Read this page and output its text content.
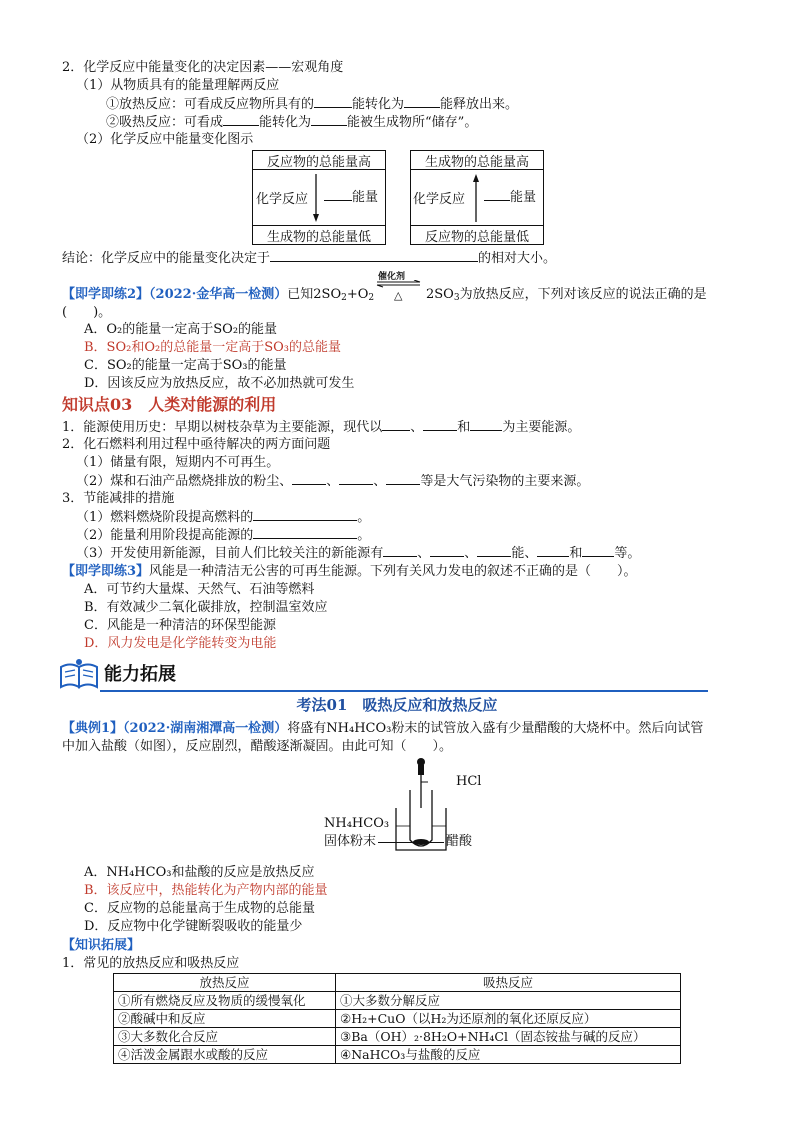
2．化学反应中能量变化的决定因素——宏观角度
（1）从物质具有的能量理解两反应
①放热反应：可看成反应物所具有的	能转化为	能释放出来。
②吸热反应：可看成	能转化为	能被生成物所“储存”。
（2）化学反应中能量变化图示
反应物的总能量高
化学反应	能量
生成物的总能量低
生成物的总能量高
化学反应	能量
反应物的总能量低
结论：化学反应中的能量变化决定于	的相对大小。
【即学即练2】（2022·金华高一检测）已知$2SO_2+O_2$
催化剂
△ $2SO_3$为放热反应，下列对该反应的说法正确的是
(　　)。
A．O₂的能量一定高于SO₂的能量
B．SO₂和O₂的总能量一定高于SO₃的总能量
C．SO₂的能量一定高于SO₃的能量
D．因该反应为放热反应，故不必加热就可发生
知识点03　人类对能源的利用
1．能源使用历史：早期以树枝杂草为主要能源，现代以 、	和 为主要能源。
2．化石燃料利用过程中亟待解决的两方面问题
（1）储量有限，短期内不可再生。
（2）煤和石油产品燃烧排放的粉尘、	、	、	等是大气污染物的主要来源。
3．节能减排的措施
（1）燃料燃烧阶段提高燃料的	。
（2）能量利用阶段提高能源的	。
（3）开发使用新能源，目前人们比较关注的新能源有	、	、	能、 和 等。
【即学即练3】风能是一种清洁无公害的可再生能源。下列有关风力发电的叙述不正确的是（　　）。
A．可节约大量煤、天然气、石油等燃料
B．有效减少二氧化碳排放，控制温室效应
C．风能是一种清洁的环保型能源
D．风力发电是化学能转变为电能
能力拓展
考法01　吸热反应和放热反应
【典例1】（2022·湖南湘潭高一检测）将盛有NH₄HCO₃粉末的试管放入盛有少量醋酸的大烧杯中。然后向试管
中加入盐酸（如图），反应剧烈，醋酸逐渐凝固。由此可知（　　）。
HCl
NH₄HCO₃
固体粉末	醋酸
A．NH₄HCO₃和盐酸的反应是放热反应
B．该反应中，热能转化为产物内部的能量
C．反应物的总能量高于生成物的总能量
D．反应物中化学键断裂吸收的能量少
【知识拓展】
1．常见的放热反应和吸热反应
放热反应	吸热反应
①所有燃烧反应及物质的缓慢氧化	①大多数分解反应
②酸碱中和反应	②H₂+CuO（以H₂为还原剂的氧化还原反应）
③大多数化合反应	③Ba（OH）₂·8H₂O+NH₄Cl（固态铵盐与碱的反应）
④活泼金属跟水或酸的反应	④NaHCO₃与盐酸的反应
